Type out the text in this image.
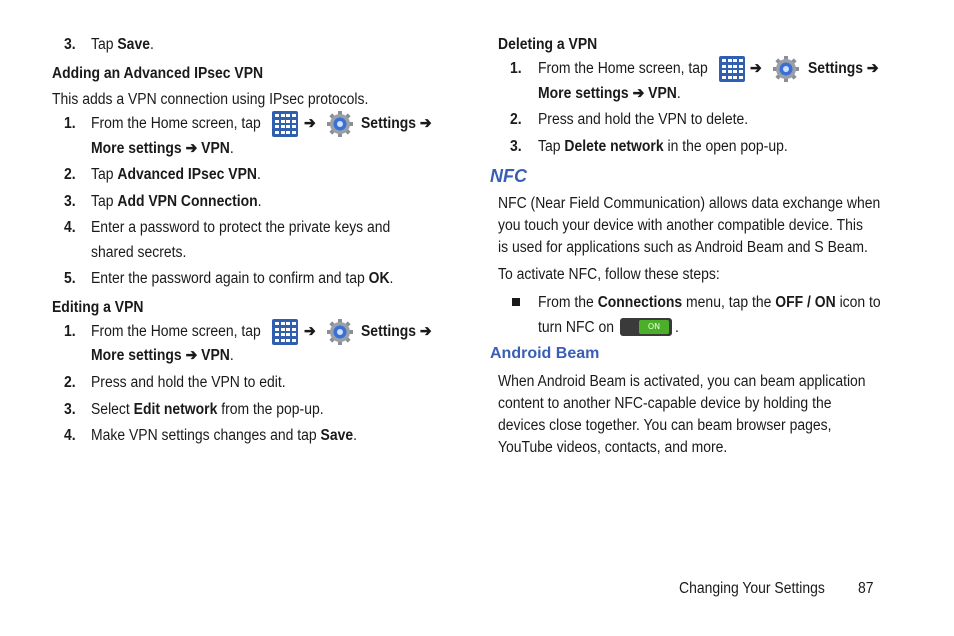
3. Tap Save.
Adding an Advanced IPsec VPN
This adds a VPN connection using IPsec protocols.
1. From the Home screen, tap	➔	Settings ➔
More settings ➔ VPN.
2. Tap Advanced IPsec VPN.
3. Tap Add VPN Connection.
4. Enter a password to protect the private keys and
shared secrets.
5. Enter the password again to confirm and tap OK.
Editing a VPN
1. From the Home screen, tap	➔	Settings ➔
More settings ➔ VPN.
2. Press and hold the VPN to edit.
3. Select Edit network from the pop-up.
4. Make VPN settings changes and tap Save.
Deleting a VPN
1. From the Home screen, tap	➔	Settings ➔
More settings ➔ VPN.
2. Press and hold the VPN to delete.
3. Tap Delete network in the open pop-up.
NFC
NFC (Near Field Communication) allows data exchange when
you touch your device with another compatible device. This
is used for applications such as Android Beam and S Beam.
To activate NFC, follow these steps:
From the Connections menu, tap the OFF / ON icon to
turn NFC on	ON .
Android Beam
When Android Beam is activated, you can beam application
content to another NFC-capable device by holding the
devices close together. You can beam browser pages,
YouTube videos, contacts, and more.
Changing Your Settings 87
